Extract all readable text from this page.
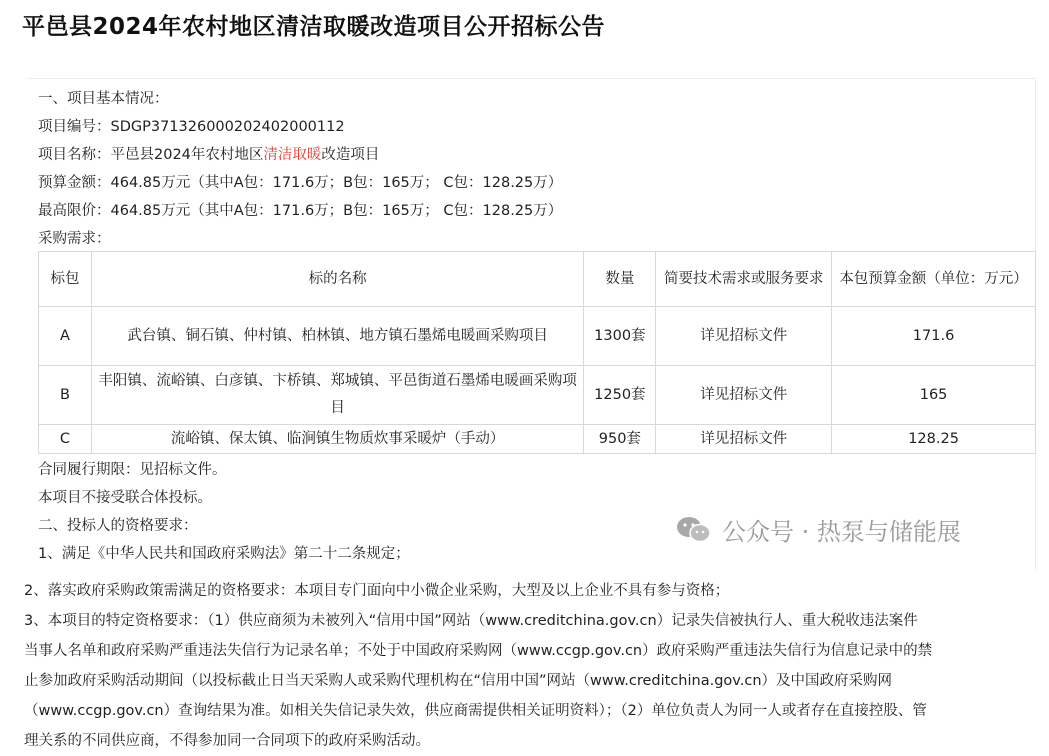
平邑县2024年农村地区清洁取暖改造项目公开招标公告
一、项目基本情况：
项目编号：SDGP371326000202402000112
项目名称：平邑县2024年农村地区清洁取暖改造项目
预算金额：464.85万元（其中A包：171.6万；B包：165万； C包：128.25万）
最高限价：464.85万元（其中A包：171.6万；B包：165万； C包：128.25万）
采购需求：
标包	标的名称	数量	简要技术需求或服务要求	本包预算金额（单位：万元）
A	武台镇、铜石镇、仲村镇、柏林镇、地方镇石墨烯电暖画采购项目	1300套	详见招标文件	171.6
B	丰阳镇、流峪镇、白彦镇、卞桥镇、郑城镇、平邑街道石墨烯电暖画采购项目	1250套	详见招标文件	165
C	流峪镇、保太镇、临涧镇生物质炊事采暖炉（手动）	950套	详见招标文件	128.25
合同履行期限：见招标文件。
本项目不接受联合体投标。
二、投标人的资格要求：
1、满足《中华人民共和国政府采购法》第二十二条规定；
公众号 · 热泵与储能展

2、落实政府采购政策需满足的资格要求：本项目专门面向中小微企业采购，大型及以上企业不具有参与资格；

3、本项目的特定资格要求：（1）供应商须为未被列入“信用中国”网站（www.creditchina.gov.cn）记录失信被执行人、重大税收违法案件

当事人名单和政府采购严重违法失信行为记录名单；不处于中国政府采购网（www.ccgp.gov.cn）政府采购严重违法失信行为信息记录中的禁

止参加政府采购活动期间（以投标截止日当天采购人或采购代理机构在“信用中国”网站（www.creditchina.gov.cn）及中国政府采购网

（www.ccgp.gov.cn）查询结果为准。如相关失信记录失效，供应商需提供相关证明资料）；（2）单位负责人为同一人或者存在直接控股、管

理关系的不同供应商，不得参加同一合同项下的政府采购活动。
